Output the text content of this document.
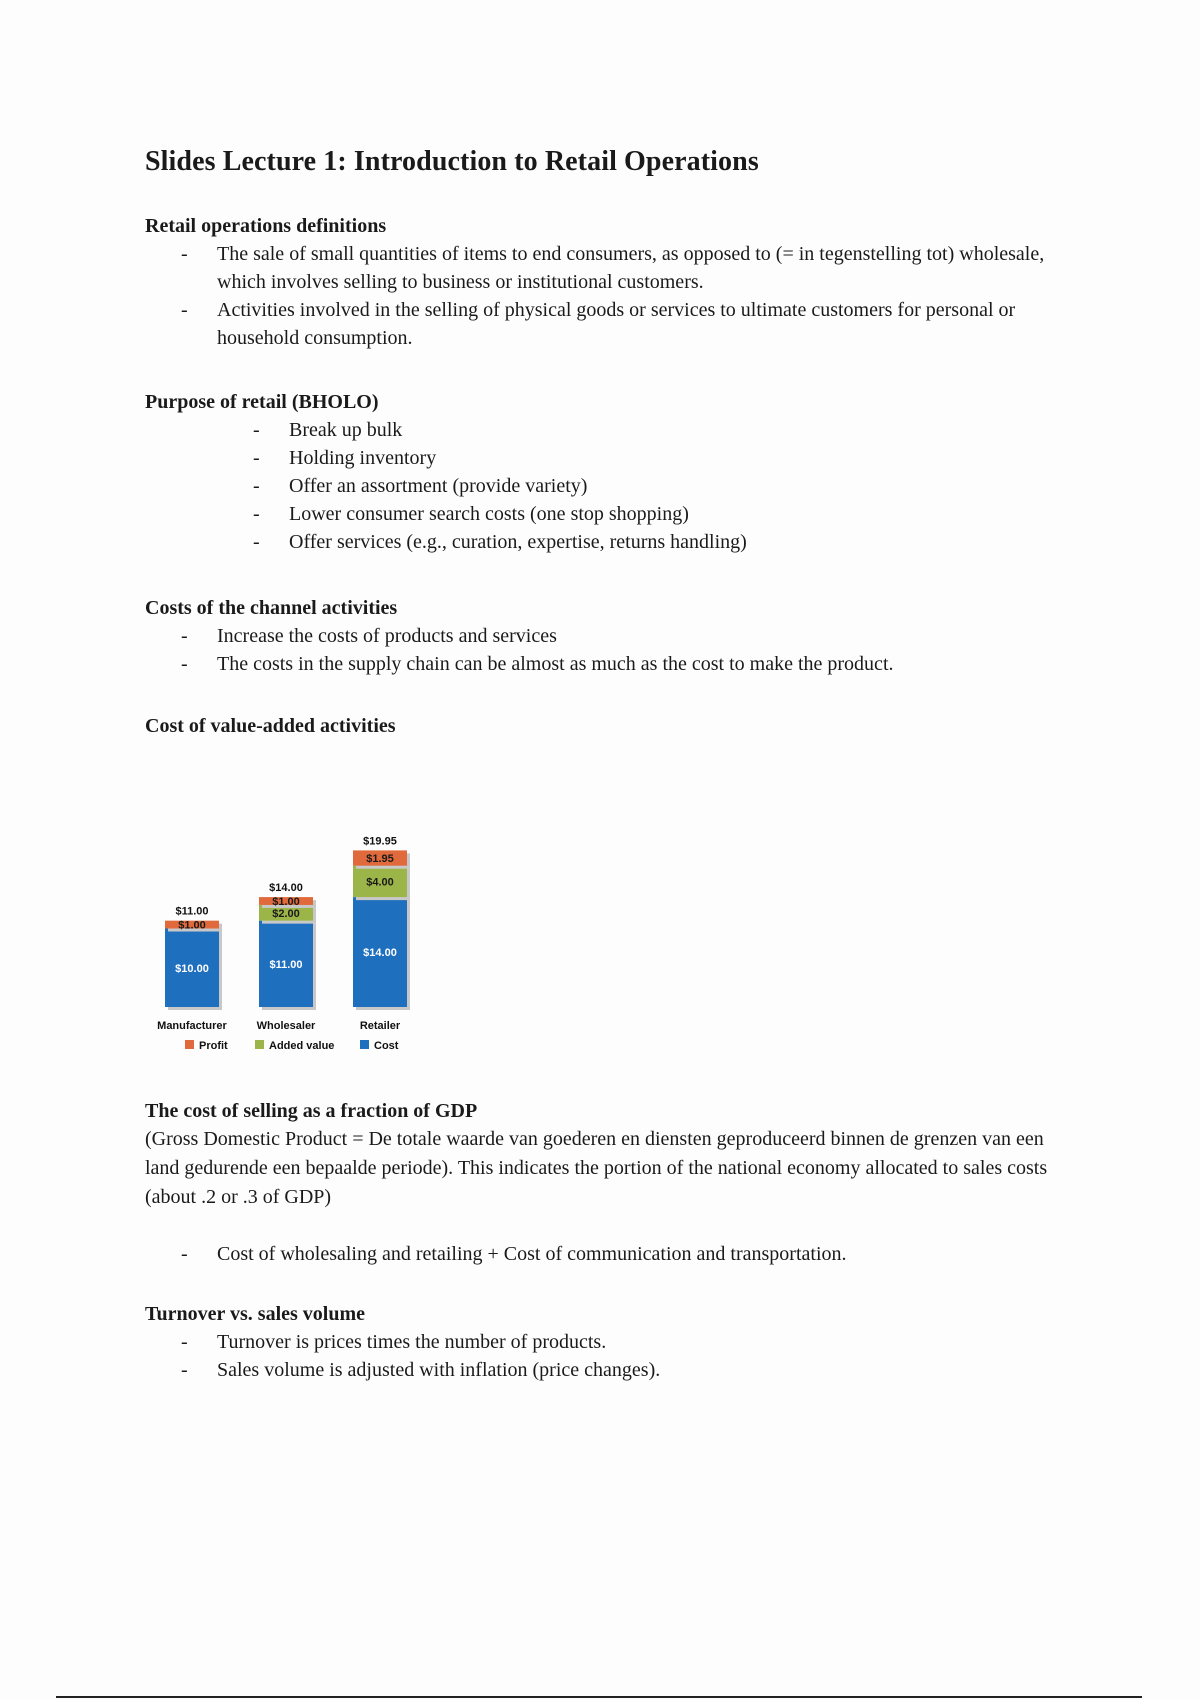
Slides Lecture 1: Introduction to Retail Operations
Retail operations definitions
- The sale of small quantities of items to end consumers, as opposed to (= in tegenstelling tot) wholesale, which involves selling to business or institutional customers.
- Activities involved in the selling of physical goods or services to ultimate customers for personal or household consumption.
Purpose of retail (BHOLO)
- Break up bulk
- Holding inventory
- Offer an assortment (provide variety)
- Lower consumer search costs (one stop shopping)
- Offer services (e.g., curation, expertise, returns handling)
Costs of the channel activities
- Increase the costs of products and services
- The costs in the supply chain can be almost as much as the cost to make the product.
Cost of value-added activities
$10.00
$1.00
$11.00
Manufacturer
$11.00
$2.00
$1.00
$14.00
Wholesaler
$14.00
$4.00
$1.95
$19.95
Retailer
Profit	Added value	Cost
The cost of selling as a fraction of GDP

(Gross Domestic Product = De totale waarde van goederen en diensten geproduceerd binnen de grenzen van een land gedurende een bepaalde periode). This indicates the portion of the national economy allocated to sales costs (about .2 or .3 of GDP)

- Cost of wholesaling and retailing + Cost of communication and transportation.
Turnover vs. sales volume
- Turnover is prices times the number of products.
- Sales volume is adjusted with inflation (price changes).
